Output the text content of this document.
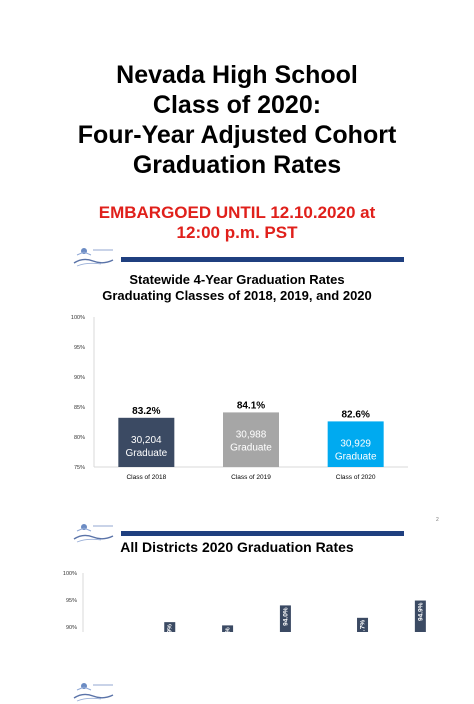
Nevada High School
Class of 2020:
Four-Year Adjusted Cohort
Graduation Rates
EMBARGOED UNTIL 12.10.2020 at
12:00 p.m. PST
Statewide 4-Year Graduation Rates
Graduating Classes of 2018, 2019, and 2020
75%
80%
85%
90%
95%
100%
83.2%
30,204
Graduate
Class of 2018
84.1%
30,988
Graduate
Class of 2019
82.6%
30,929
Graduate
Class of 2020
2
All Districts 2020 Graduation Rates
90%
95%
100%
…9%	…3%
94.0%
…7%
94.9%
